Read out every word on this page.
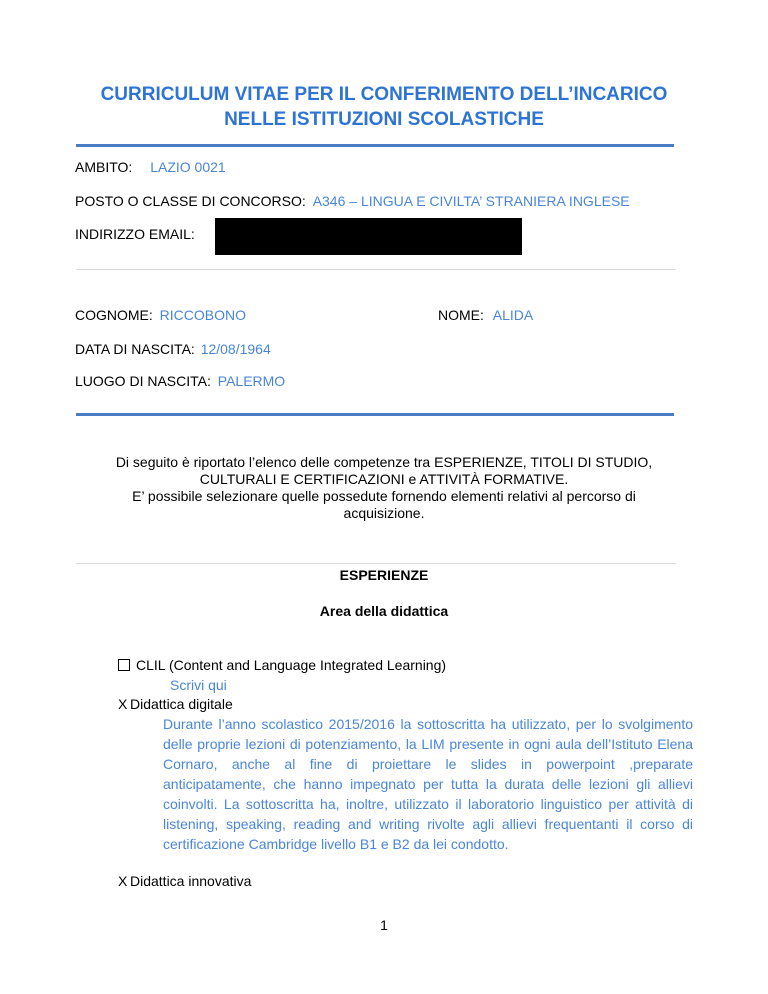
CURRICULUM VITAE PER IL CONFERIMENTO DELL’INCARICO
NELLE ISTITUZIONI SCOLASTICHE
AMBITO: LAZIO 0021
POSTO O CLASSE DI CONCORSO: A346 – LINGUA E CIVILTA’ STRANIERA INGLESE
INDIRIZZO EMAIL:
COGNOME: RICCOBONO	NOME: ALIDA
DATA DI NASCITA: 12/08/1964
LUOGO DI NASCITA: PALERMO
Di seguito è riportato l’elenco delle competenze tra ESPERIENZE, TITOLI DI STUDIO,
CULTURALI E CERTIFICAZIONI e ATTIVITÀ FORMATIVE.
E’ possibile selezionare quelle possedute fornendo elementi relativi al percorso di
acquisizione.
ESPERIENZE
Area della didattica
CLIL (Content and Language Integrated Learning)
Scrivi qui
X Didattica digitale
Durante l’anno scolastico 2015/2016 la sottoscritta ha utilizzato, per lo svolgimento delle proprie lezioni di potenziamento, la LIM presente in ogni aula dell’Istituto Elena Cornaro, anche al fine di proiettare le slides in powerpoint ,preparate anticipatamente, che hanno impegnato per tutta la durata delle lezioni gli allievi coinvolti. La sottoscritta ha, inoltre, utilizzato il laboratorio linguistico per attività di listening, speaking, reading and writing rivolte agli allievi frequentanti il corso di certificazione Cambridge livello B1 e B2 da lei condotto.
X Didattica innovativa
1
